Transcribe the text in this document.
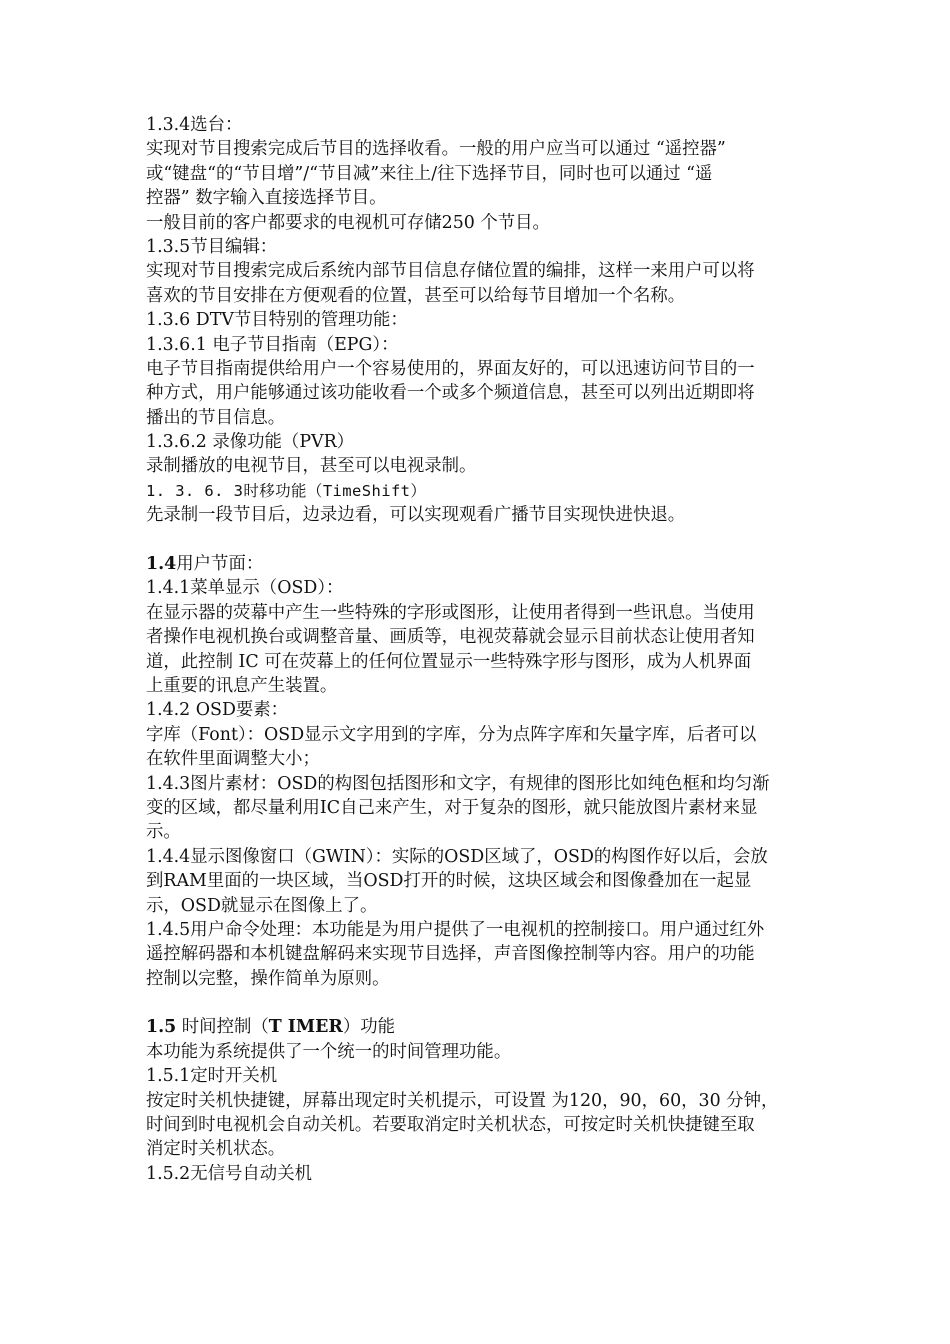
1.3.4选台：
实现对节目搜索完成后节目的选择收看。一般的用户应当可以通过 “遥控器”
或“键盘“的“节目增”/“节目减”来往上/往下选择节目，同时也可以通过 “遥
控器” 数字输入直接选择节目。
一般目前的客户都要求的电视机可存储250 个节目。
1.3.5节目编辑：
实现对节目搜索完成后系统内部节目信息存储位置的编排，这样一来用户可以将
喜欢的节目安排在方便观看的位置，甚至可以给每节目增加一个名称。
1.3.6 DTV节目特别的管理功能：
1.3.6.1 电子节目指南（EPG）：
电子节目指南提供给用户一个容易使用的，界面友好的，可以迅速访问节目的一
种方式，用户能够通过该功能收看一个或多个频道信息，甚至可以列出近期即将
播出的节目信息。
1.3.6.2 录像功能（PVR）
录制播放的电视节目，甚至可以电视录制。
1. 3. 6. 3时移功能（TimeShift）
先录制一段节目后，边录边看，可以实现观看广播节目实现快进快退。
1.4用户节面：
1.4.1菜单显示（OSD）：
在显示器的荧幕中产生一些特殊的字形或图形，让使用者得到一些讯息。当使用
者操作电视机换台或调整音量、画质等，电视荧幕就会显示目前状态让使用者知
道，此控制 IC 可在荧幕上的任何位置显示一些特殊字形与图形，成为人机界面
上重要的讯息产生装置。
1.4.2 OSD要素：
字库（Font）：OSD显示文字用到的字库，分为点阵字库和矢量字库，后者可以
在软件里面调整大小；
1.4.3图片素材：OSD的构图包括图形和文字，有规律的图形比如纯色框和均匀渐
变的区域，都尽量利用IC自己来产生，对于复杂的图形，就只能放图片素材来显
示。
1.4.4显示图像窗口（GWIN）：实际的OSD区域了，OSD的构图作好以后，会放
到RAM里面的一块区域，当OSD打开的时候，这块区域会和图像叠加在一起显
示，OSD就显示在图像上了。
1.4.5用户命令处理：本功能是为用户提供了一电视机的控制接口。用户通过红外
遥控解码器和本机键盘解码来实现节目选择，声音图像控制等内容。用户的功能
控制以完整，操作简单为原则。
1.5 时间控制（T IMER）功能
本功能为系统提供了一个统一的时间管理功能。
1.5.1定时开关机
按定时关机快捷键，屏幕出现定时关机提示，可设置 为120，90，60，30 分钟，
时间到时电视机会自动关机。若要取消定时关机状态，可按定时关机快捷键至取
消定时关机状态。
1.5.2无信号自动关机
